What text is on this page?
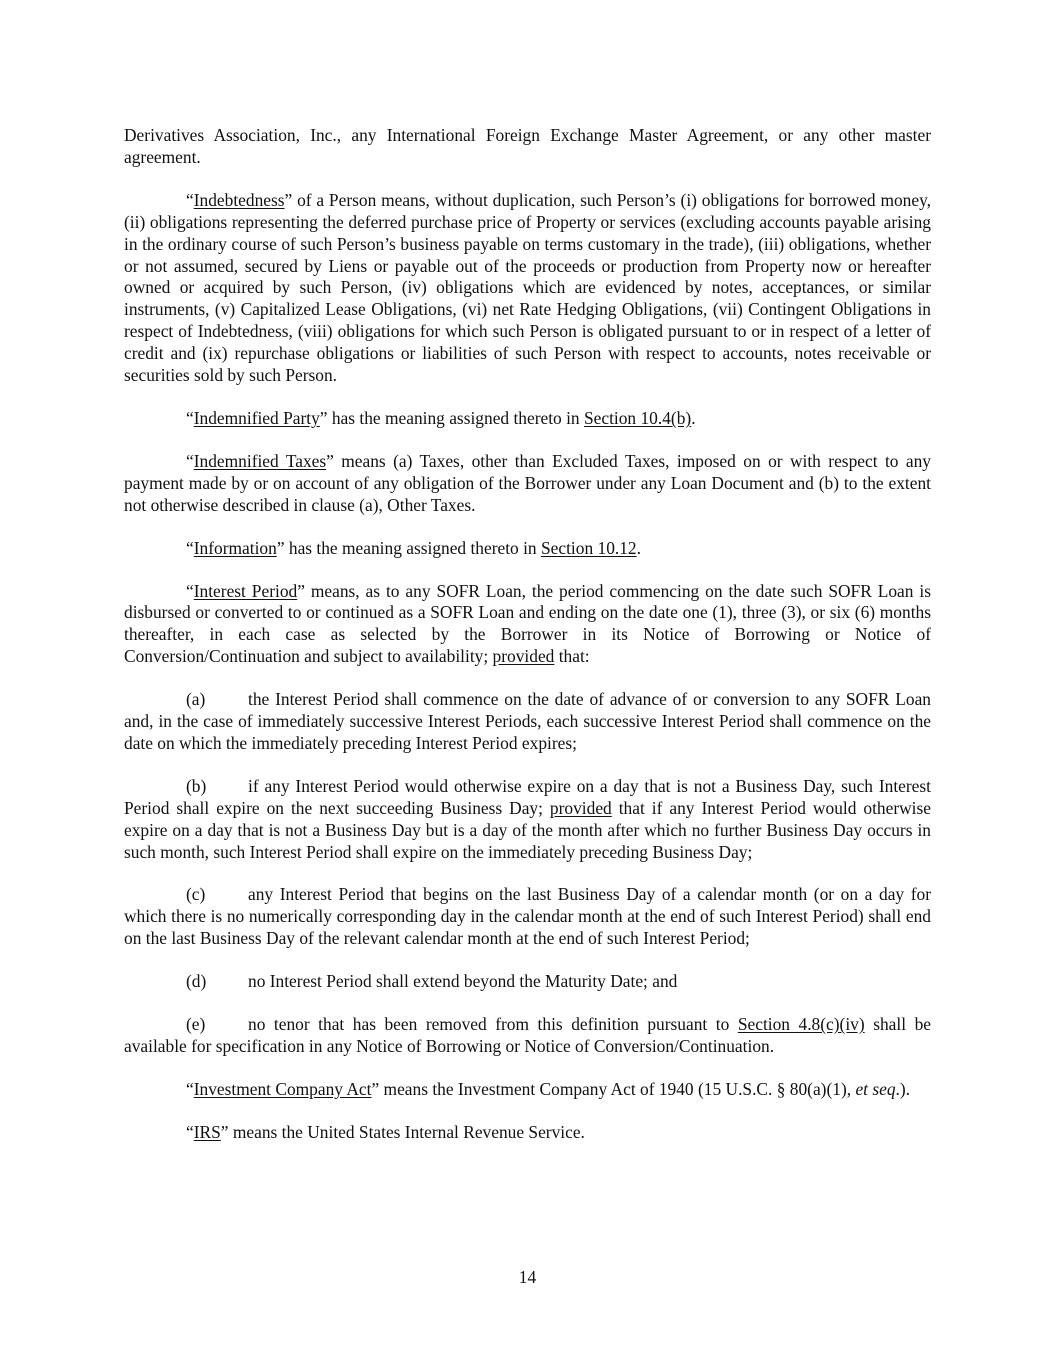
Derivatives Association, Inc., any International Foreign Exchange Master Agreement, or any other master agreement.

“Indebtedness” of a Person means, without duplication, such Person’s (i) obligations for borrowed money, (ii) obligations representing the deferred purchase price of Property or services (excluding accounts payable arising in the ordinary course of such Person’s business payable on terms customary in the trade), (iii) obligations, whether or not assumed, secured by Liens or payable out of the proceeds or production from Property now or hereafter owned or acquired by such Person, (iv) obligations which are evidenced by notes, acceptances, or similar instruments, (v) Capitalized Lease Obligations, (vi) net Rate Hedging Obligations, (vii) Contingent Obligations in respect of Indebtedness, (viii) obligations for which such Person is obligated pursuant to or in respect of a letter of credit and (ix) repurchase obligations or liabilities of such Person with respect to accounts, notes receivable or securities sold by such Person.

“Indemnified Party” has the meaning assigned thereto in Section 10.4(b).

“Indemnified Taxes” means (a) Taxes, other than Excluded Taxes, imposed on or with respect to any payment made by or on account of any obligation of the Borrower under any Loan Document and (b) to the extent not otherwise described in clause (a), Other Taxes.

“Information” has the meaning assigned thereto in Section 10.12.

“Interest Period” means, as to any SOFR Loan, the period commencing on the date such SOFR Loan is disbursed or converted to or continued as a SOFR Loan and ending on the date one (1), three (3), or six (6) months thereafter, in each case as selected by the Borrower in its Notice of Borrowing or Notice of Conversion/Continuation and subject to availability; provided that:

(a) the Interest Period shall commence on the date of advance of or conversion to any SOFR Loan and, in the case of immediately successive Interest Periods, each successive Interest Period shall commence on the date on which the immediately preceding Interest Period expires;

(b) if any Interest Period would otherwise expire on a day that is not a Business Day, such Interest Period shall expire on the next succeeding Business Day; provided that if any Interest Period would otherwise expire on a day that is not a Business Day but is a day of the month after which no further Business Day occurs in such month, such Interest Period shall expire on the immediately preceding Business Day;

(c) any Interest Period that begins on the last Business Day of a calendar month (or on a day for which there is no numerically corresponding day in the calendar month at the end of such Interest Period) shall end on the last Business Day of the relevant calendar month at the end of such Interest Period;

(d) no Interest Period shall extend beyond the Maturity Date; and

(e) no tenor that has been removed from this definition pursuant to Section 4.8(c)(iv) shall be available for specification in any Notice of Borrowing or Notice of Conversion/Continuation.

“Investment Company Act” means the Investment Company Act of 1940 (15 U.S.C. § 80(a)(1), et seq.).

“IRS” means the United States Internal Revenue Service.

14
